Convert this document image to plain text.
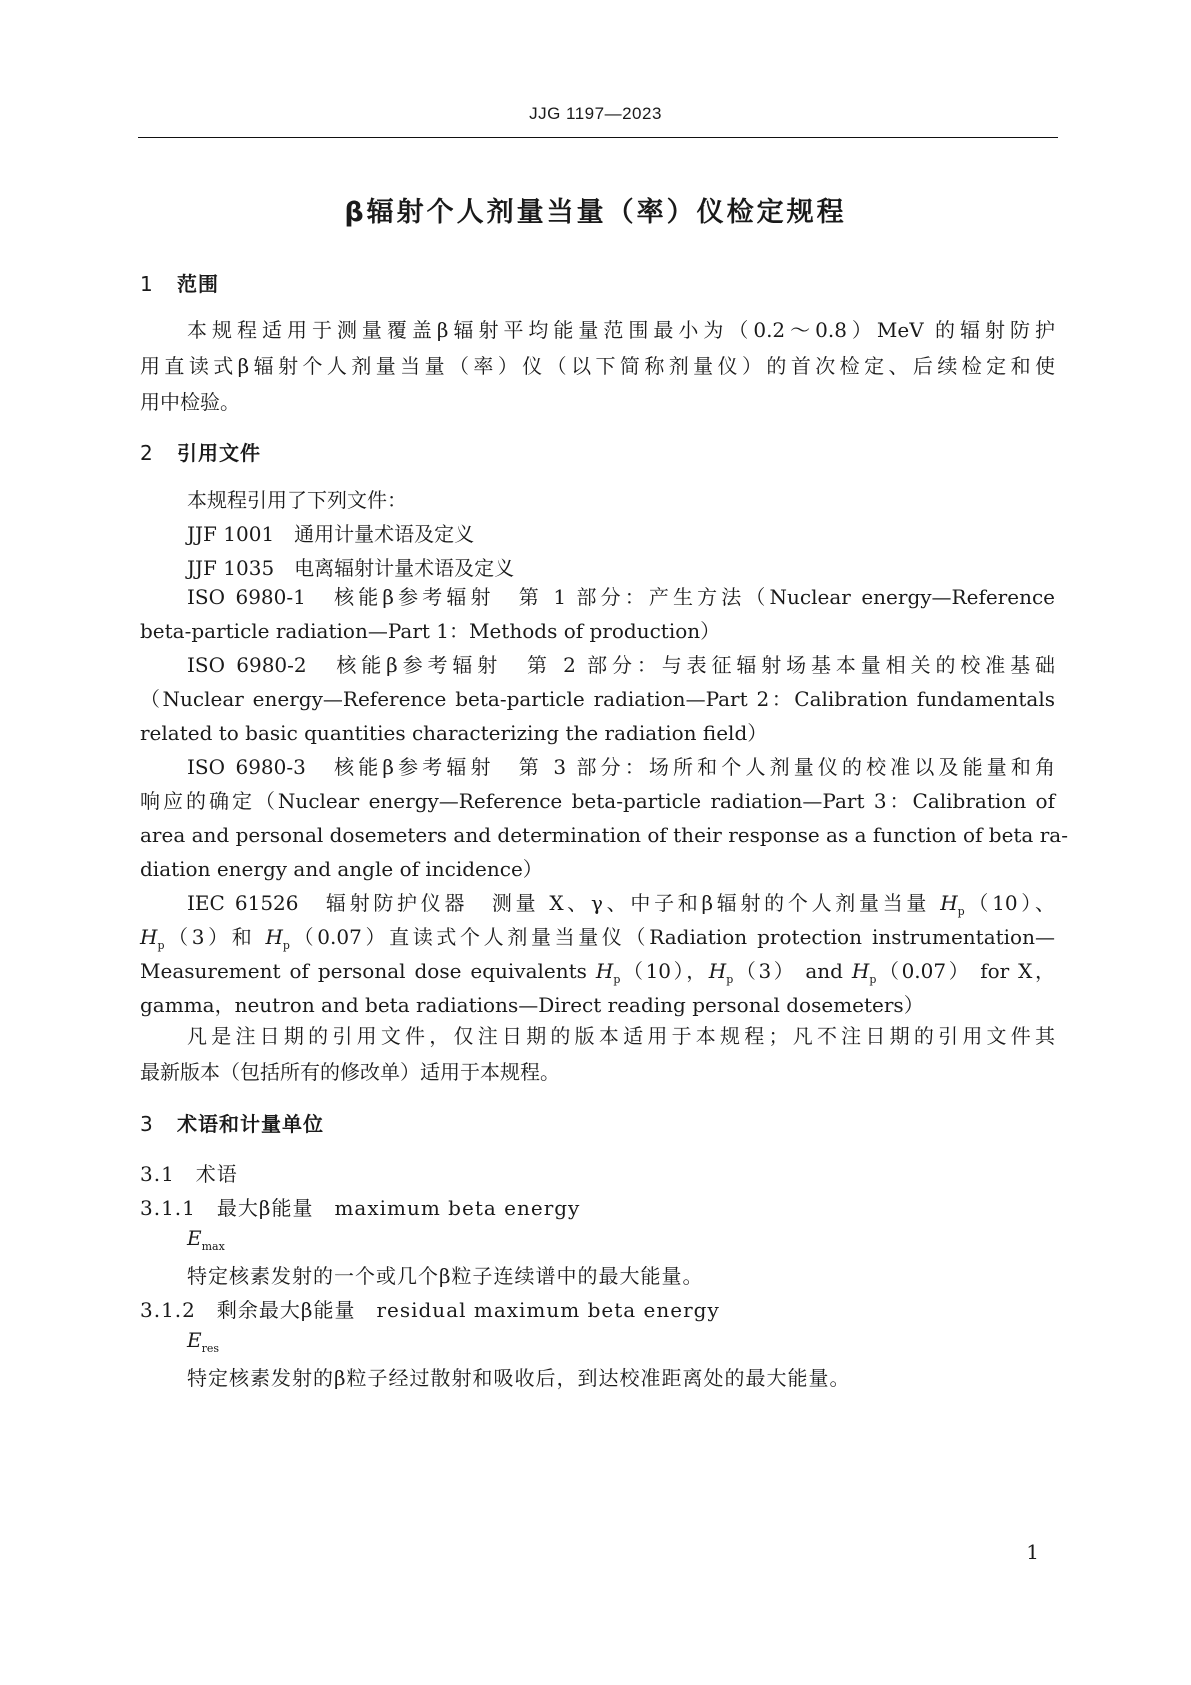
JJG 1197—2023
β辐射个人剂量当量（率）仪检定规程
1 范围
本规程适用于测量覆盖β辐射平均能量范围最小为（0.2～0.8）MeV 的辐射防护
用直读式β辐射个人剂量当量（率）仪（以下简称剂量仪）的首次检定、后续检定和使
用中检验。
2 引用文件
本规程引用了下列文件：
JJF 1001　通用计量术语及定义
JJF 1035　电离辐射计量术语及定义
ISO 6980-1　核能β参考辐射　第 1 部分：产生方法（Nuclear energy—Reference
beta-particle radiation—Part 1：Methods of production）
ISO 6980-2　核能β参考辐射　第 2 部分：与表征辐射场基本量相关的校准基础
（Nuclear energy—Reference beta-particle radiation—Part 2：Calibration fundamentals
related to basic quantities characterizing the radiation field）
ISO 6980-3　核能β参考辐射　第 3 部分：场所和个人剂量仪的校准以及能量和角
响应的确定（Nuclear energy—Reference beta-particle radiation—Part 3：Calibration of
area and personal dosemeters and determination of their response as a function of beta ra-
diation energy and angle of incidence）
IEC 61526　辐射防护仪器　测量 X、γ、中子和β辐射的个人剂量当量 $H_p(10)$、
$H_p(3)$和 $H_p(0.07)$直读式个人剂量当量仪（Radiation protection instrumentation—
Measurement of personal dose equivalents $H_p(10)$，$H_p(3)$ and $H_p(0.07)$ for X，
gamma，neutron and beta radiations—Direct reading personal dosemeters）
凡是注日期的引用文件，仅注日期的版本适用于本规程；凡不注日期的引用文件其
最新版本（包括所有的修改单）适用于本规程。
3 术语和计量单位
3.1　术语
3.1.1　最大β能量　maximum beta energy
$E_{max}$
特定核素发射的一个或几个β粒子连续谱中的最大能量。
3.1.2　剩余最大β能量　residual maximum beta energy
$E_{res}$
特定核素发射的β粒子经过散射和吸收后，到达校准距离处的最大能量。
1
